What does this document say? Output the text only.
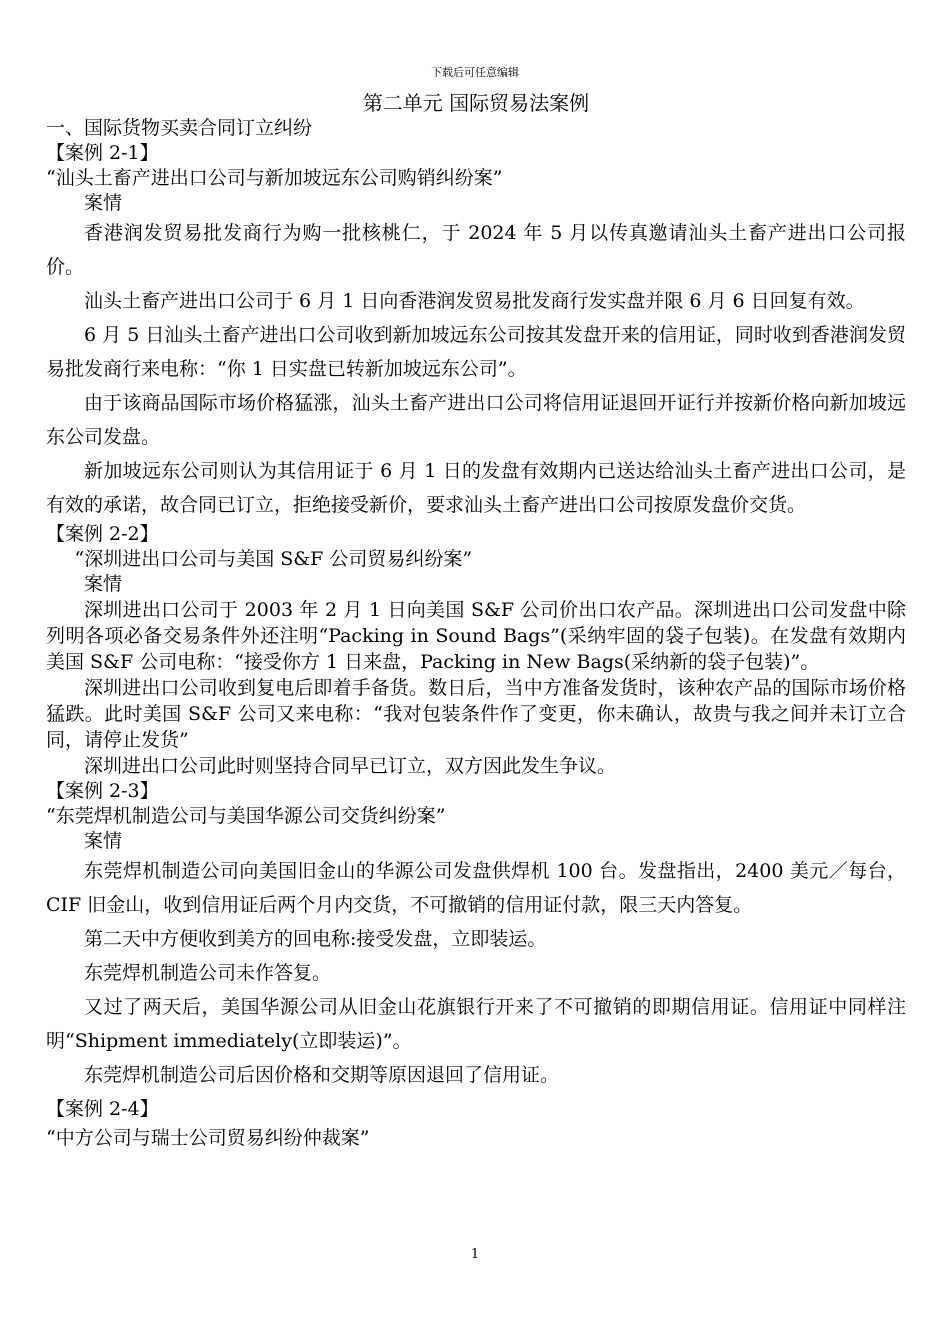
下载后可任意编辑
第二单元 国际贸易法案例

一、国际货物买卖合同订立纠纷

【案例 2-1】

“汕头土畜产进出口公司与新加坡远东公司购销纠纷案”

案情

香港润发贸易批发商行为购一批核桃仁，于 2024 年 5 月以传真邀请汕头土畜产进出口公司报价。

汕头土畜产进出口公司于 6 月 1 日向香港润发贸易批发商行发实盘并限 6 月 6 日回复有效。

6 月 5 日汕头土畜产进出口公司收到新加坡远东公司按其发盘开来的信用证，同时收到香港润发贸易批发商行来电称：“你 1 日实盘已转新加坡远东公司”。

由于该商品国际市场价格猛涨，汕头土畜产进出口公司将信用证退回开证行并按新价格向新加坡远东公司发盘。

新加坡远东公司则认为其信用证于 6 月 1 日的发盘有效期内已送达给汕头土畜产进出口公司，是有效的承诺，故合同已订立，拒绝接受新价，要求汕头土畜产进出口公司按原发盘价交货。

【案例 2-2】

“深圳进出口公司与美国 S&F 公司贸易纠纷案”

案情

深圳进出口公司于 2003 年 2 月 1 日向美国 S&F 公司价出口农产品。深圳进出口公司发盘中除列明各项必备交易条件外还注明“Packing in Sound Bags”(采纳牢固的袋子包装)。在发盘有效期内美国 S&F 公司电称：“接受你方 1 日来盘，Packing in New Bags(采纳新的袋子包装)”。

深圳进出口公司收到复电后即着手备货。数日后，当中方准备发货时，该种农产品的国际市场价格猛跌。此时美国 S&F 公司又来电称：“我对包装条件作了变更，你未确认，故贵与我之间并未订立合同，请停止发货”

深圳进出口公司此时则坚持合同早已订立，双方因此发生争议。

【案例 2-3】

“东莞焊机制造公司与美国华源公司交货纠纷案”

案情

东莞焊机制造公司向美国旧金山的华源公司发盘供焊机 100 台。发盘指出，2400 美元／每台，CIF 旧金山，收到信用证后两个月内交货，不可撤销的信用证付款，限三天内答复。

第二天中方便收到美方的回电称:接受发盘，立即装运。

东莞焊机制造公司未作答复。

又过了两天后，美国华源公司从旧金山花旗银行开来了不可撤销的即期信用证。信用证中同样注明“Shipment immediately(立即装运)”。

东莞焊机制造公司后因价格和交期等原因退回了信用证。

【案例 2-4】

“中方公司与瑞士公司贸易纠纷仲裁案”

1
